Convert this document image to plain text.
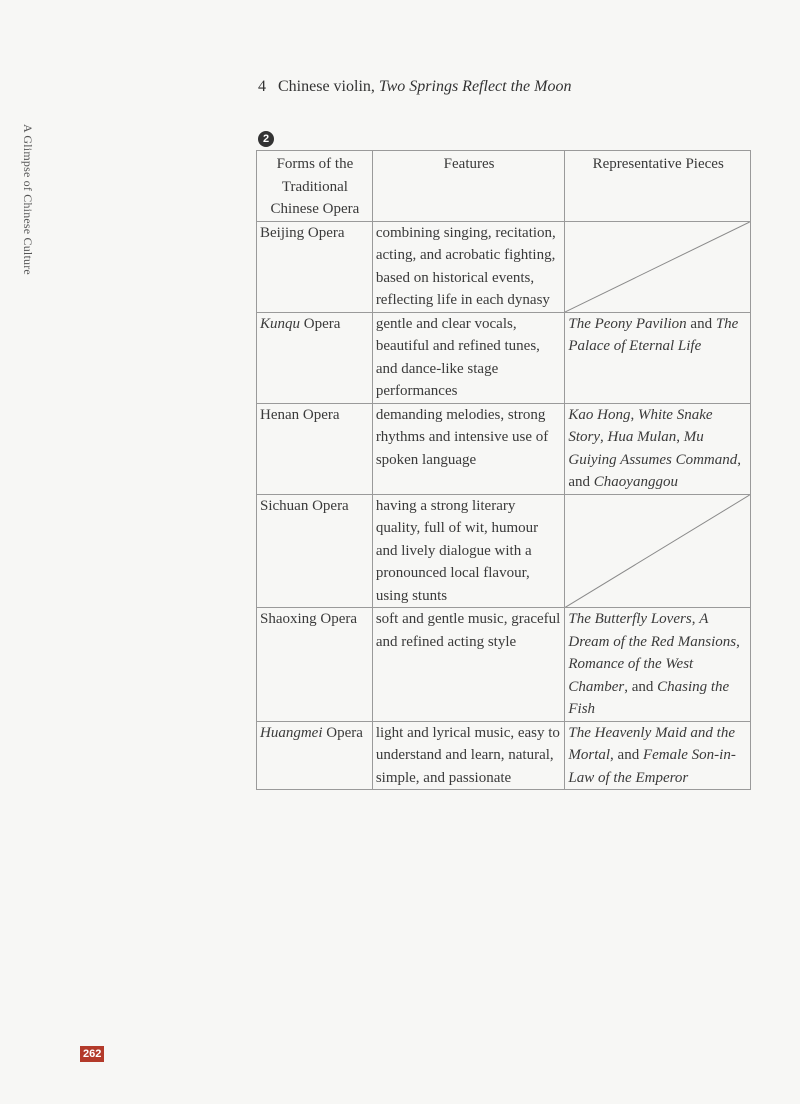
A Glimpse of Chinese Culture
4 Chinese violin, Two Springs Reflect the Moon
2
Forms of the Traditional Chinese Opera	Features	Representative Pieces
Beijing Opera	combining singing, recitation, acting, and acrobatic fighting, based on historical events, reflecting life in each dynasy	

Kunqu Opera	gentle and clear vocals, beautiful and refined tunes, and dance-like stage performances	The Peony Pavilion and The Palace of Eternal Life
Henan Opera	demanding melodies, strong rhythms and intensive use of spoken language	Kao Hong, White Snake Story, Hua Mulan, Mu Guiying Assumes Command, and Chaoyanggou
Sichuan Opera	having a strong literary quality, full of wit, humour and lively dialogue with a pronounced local flavour, using stunts	

Shaoxing Opera	soft and gentle music, graceful and refined acting style	The Butterfly Lovers, A Dream of the Red Mansions, Romance of the West Chamber, and Chasing the Fish
Huangmei Opera	light and lyrical music, easy to understand and learn, natural, simple, and passionate	The Heavenly Maid and the Mortal, and Female Son-in-Law of the Emperor
262
